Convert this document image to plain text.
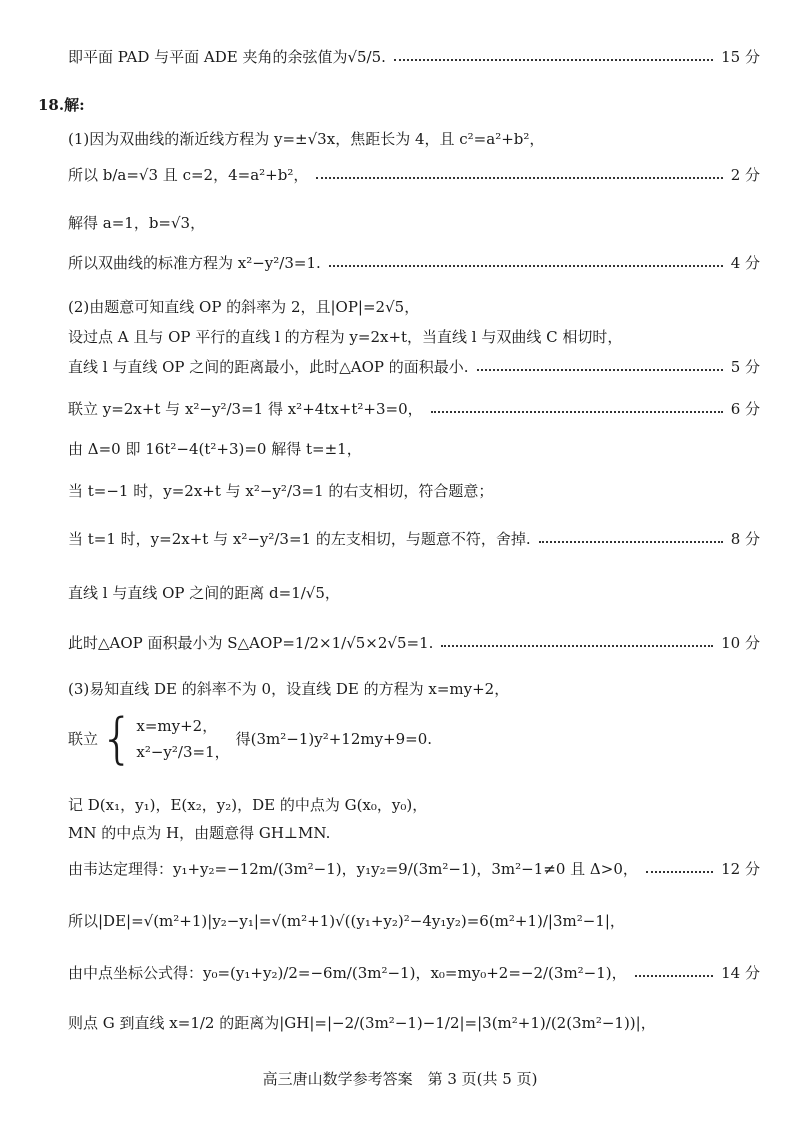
即平面 PAD 与平面 ADE 夹角的余弦值为√5/5.	15 分
18.解:
(1)因为双曲线的渐近线方程为 y=±√3x，焦距长为 4，且 c²=a²+b²，
所以 b/a=√3 且 c=2，4=a²+b²，	2 分
解得 a=1，b=√3，
所以双曲线的标准方程为 x²−y²/3=1.	4 分
(2)由题意可知直线 OP 的斜率为 2，且|OP|=2√5，
设过点 A 且与 OP 平行的直线 l 的方程为 y=2x+t，当直线 l 与双曲线 C 相切时，
直线 l 与直线 OP 之间的距离最小，此时△AOP 的面积最小.	5 分
联立 y=2x+t 与 x²−y²/3=1 得 x²+4tx+t²+3=0，	6 分
由 Δ=0 即 16t²−4(t²+3)=0 解得 t=±1，
当 t=−1 时，y=2x+t 与 x²−y²/3=1 的右支相切，符合题意；
当 t=1 时，y=2x+t 与 x²−y²/3=1 的左支相切，与题意不符，舍掉.	8 分
直线 l 与直线 OP 之间的距离 d=1/√5，
此时△AOP 面积最小为 S△AOP=1/2×1/√5×2√5=1.	10 分
(3)易知直线 DE 的斜率不为 0，设直线 DE 的方程为 x=my+2，
联立 { x=my+2，
x²−y²/3=1，
得(3m²−1)y²+12my+9=0.
记 D(x₁，y₁)，E(x₂，y₂)，DE 的中点为 G(x₀，y₀)，
MN 的中点为 H，由题意得 GH⊥MN.
由韦达定理得：y₁+y₂=−12m/(3m²−1)，y₁y₂=9/(3m²−1)，3m²−1≠0 且 Δ>0，	12 分
所以|DE|=√(m²+1)|y₂−y₁|=√(m²+1)√((y₁+y₂)²−4y₁y₂)=6(m²+1)/|3m²−1|，
由中点坐标公式得：y₀=(y₁+y₂)/2=−6m/(3m²−1)，x₀=my₀+2=−2/(3m²−1)，	14 分
则点 G 到直线 x=1/2 的距离为|GH|=|−2/(3m²−1)−1/2|=|3(m²+1)/(2(3m²−1))|，
高三唐山数学参考答案　第 3 页(共 5 页)
